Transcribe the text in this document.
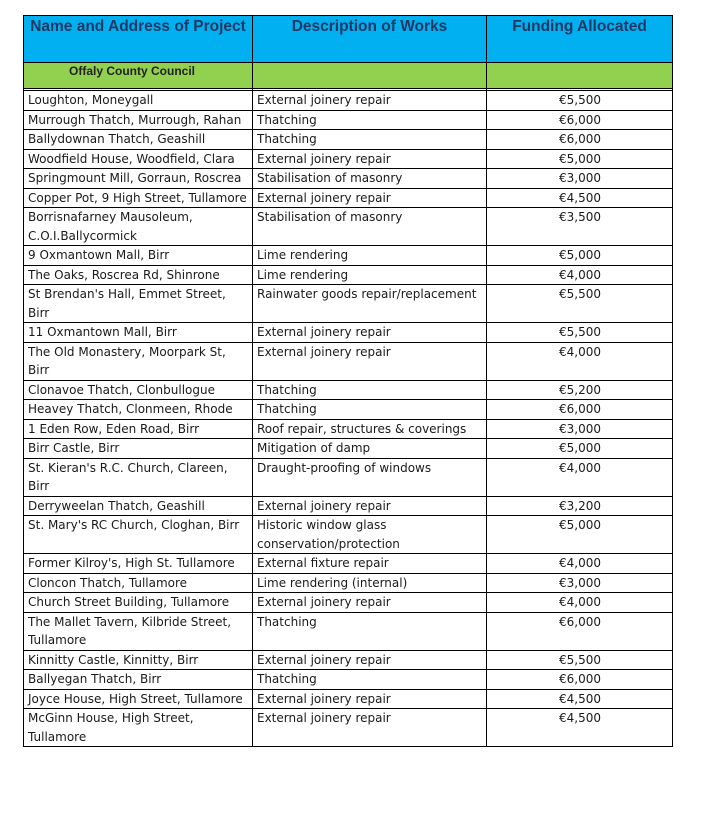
Name and Address of Project	Description of Works	Funding Allocated
Offaly County Council		

Loughton, Moneygall	External joinery repair	€5,500
Murrough Thatch, Murrough, Rahan	Thatching	€6,000
Ballydownan Thatch, Geashill	Thatching	€6,000
Woodfield House, Woodfield, Clara	External joinery repair	€5,000
Springmount Mill, Gorraun, Roscrea	Stabilisation of masonry	€3,000
Copper Pot, 9 High Street, Tullamore	External joinery repair	€4,500
Borrisnafarney Mausoleum, C.O.I.Ballycormick	Stabilisation of masonry	€3,500
9 Oxmantown Mall, Birr	Lime rendering	€5,000
The Oaks, Roscrea Rd, Shinrone	Lime rendering	€4,000
St Brendan's Hall, Emmet Street, Birr	Rainwater goods repair/replacement	€5,500
11 Oxmantown Mall, Birr	External joinery repair	€5,500
The Old Monastery, Moorpark St, Birr	External joinery repair	€4,000
Clonavoe Thatch, Clonbullogue	Thatching	€5,200
Heavey Thatch, Clonmeen, Rhode	Thatching	€6,000
1 Eden Row, Eden Road, Birr	Roof repair, structures & coverings	€3,000
Birr Castle, Birr	Mitigation of damp	€5,000
St. Kieran's R.C. Church, Clareen, Birr	Draught-proofing of windows	€4,000
Derryweelan Thatch, Geashill	External joinery repair	€3,200
St. Mary's RC Church, Cloghan, Birr	Historic window glass conservation/protection	€5,000
Former Kilroy's, High St. Tullamore	External fixture repair	€4,000
Cloncon Thatch, Tullamore	Lime rendering (internal)	€3,000
Church Street Building, Tullamore	External joinery repair	€4,000
The Mallet Tavern, Kilbride Street, Tullamore	Thatching	€6,000
Kinnitty Castle, Kinnitty, Birr	External joinery repair	€5,500
Ballyegan Thatch, Birr	Thatching	€6,000
Joyce House, High Street, Tullamore	External joinery repair	€4,500
McGinn House, High Street, Tullamore	External joinery repair	€4,500
